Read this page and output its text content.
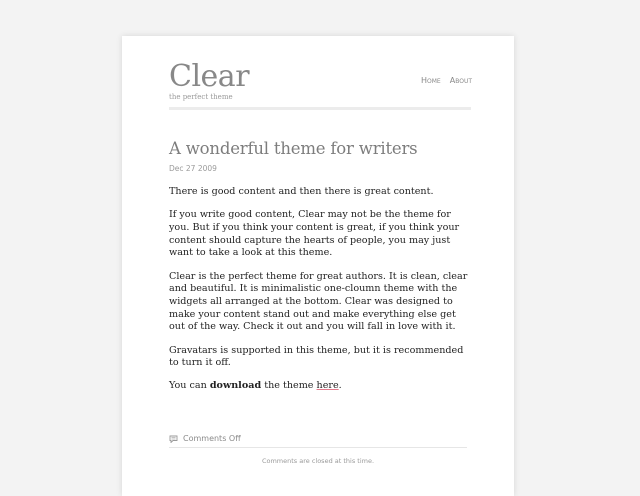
Clear
the perfect theme
Home About
A wonderful theme for writers
Dec 27 2009

There is good content and then there is great content.

If you write good content, Clear may not be the theme for you. But if you think your content is great, if you think your content should capture the hearts of people, you may just want to take a look at this theme.

Clear is the perfect theme for great authors. It is clean, clear and beautiful. It is minimalistic one-cloumn theme with the widgets all arranged at the bottom. Clear was designed to make your content stand out and make everything else get out of the way. Check it out and you will fall in love with it.

Gravatars is supported in this theme, but it is recommended to turn it off.

You can download the theme here.

Comments Off
Comments are closed at this time.
